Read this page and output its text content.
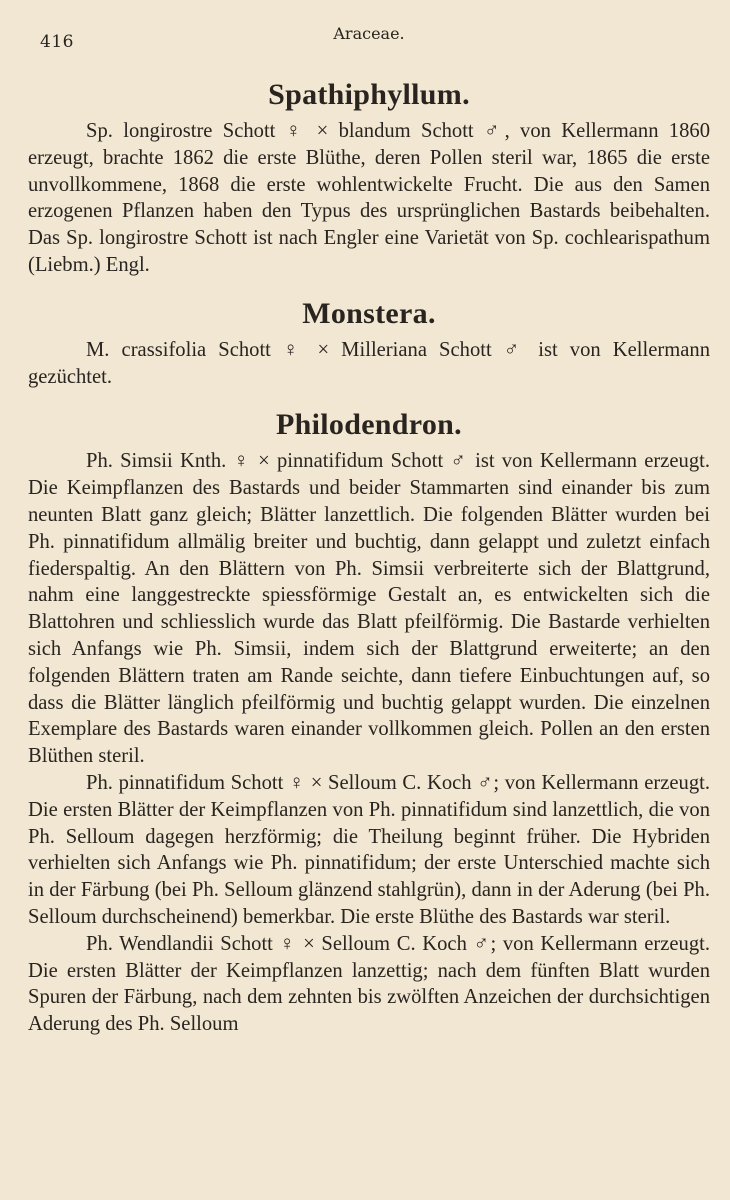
416	Araceae.
Spathiphyllum.

Sp. longirostre Schott ♀ × blandum Schott ♂, von Kellermann 1860 erzeugt, brachte 1862 die erste Blüthe, deren Pollen steril war, 1865 die erste unvollkommene, 1868 die erste wohlentwickelte Frucht. Die aus den Samen erzogenen Pflanzen haben den Typus des ursprünglichen Bastards beibehalten. Das Sp. longirostre Schott ist nach Engler eine Varietät von Sp. cochlearispathum (Liebm.) Engl.

Monstera.

M. crassifolia Schott ♀ × Milleriana Schott ♂ ist von Kellermann gezüchtet.

Philodendron.

Ph. Simsii Knth. ♀ × pinnatifidum Schott ♂ ist von Kellermann erzeugt. Die Keimpflanzen des Bastards und beider Stammarten sind einander bis zum neunten Blatt ganz gleich; Blätter lanzettlich. Die folgenden Blätter wurden bei Ph. pinnatifidum allmälig breiter und buchtig, dann gelappt und zuletzt einfach fiederspaltig. An den Blättern von Ph. Simsii verbreiterte sich der Blattgrund, nahm eine langgestreckte spiessförmige Gestalt an, es entwickelten sich die Blattohren und schliesslich wurde das Blatt pfeilförmig. Die Bastarde verhielten sich Anfangs wie Ph. Simsii, indem sich der Blattgrund erweiterte; an den folgenden Blättern traten am Rande seichte, dann tiefere Einbuchtungen auf, so dass die Blätter länglich pfeilförmig und buchtig gelappt wurden. Die einzelnen Exemplare des Bastards waren einander vollkommen gleich. Pollen an den ersten Blüthen steril.

Ph. pinnatifidum Schott ♀ × Selloum C. Koch ♂; von Kellermann erzeugt. Die ersten Blätter der Keimpflanzen von Ph. pinnatifidum sind lanzettlich, die von Ph. Selloum dagegen herzförmig; die Theilung beginnt früher. Die Hybriden verhielten sich Anfangs wie Ph. pinnatifidum; der erste Unterschied machte sich in der Färbung (bei Ph. Selloum glänzend stahlgrün), dann in der Aderung (bei Ph. Selloum durchscheinend) bemerkbar. Die erste Blüthe des Bastards war steril.

Ph. Wendlandii Schott ♀ × Selloum C. Koch ♂; von Kellermann erzeugt. Die ersten Blätter der Keimpflanzen lanzettig; nach dem fünften Blatt wurden Spuren der Färbung, nach dem zehnten bis zwölften Anzeichen der durchsichtigen Aderung des Ph. Selloum
